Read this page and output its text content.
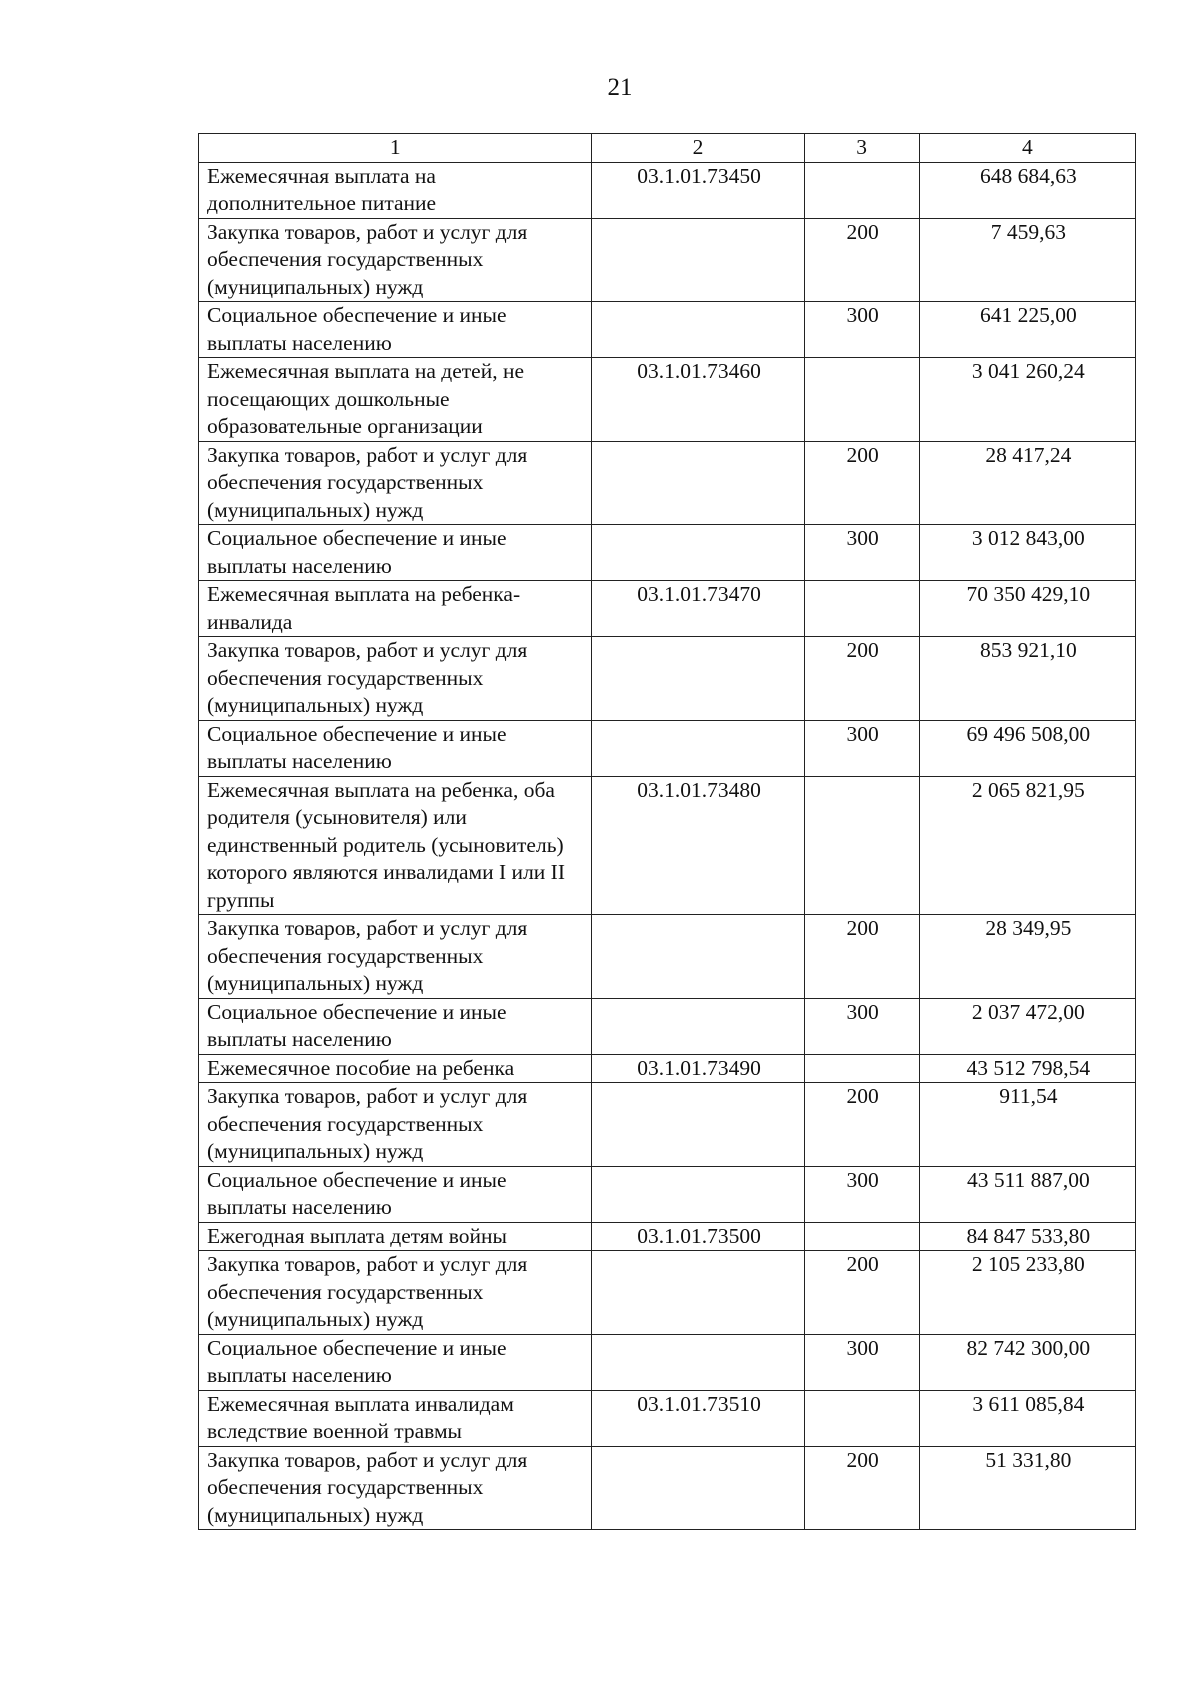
21
1	2	3	4
Ежемесячная выплата на дополнительное питание	03.1.01.73450		648 684,63
Закупка товаров, работ и услуг для обеспечения государственных (муниципальных) нужд		200	7 459,63
Социальное обеспечение и иные выплаты населению		300	641 225,00
Ежемесячная выплата на детей, не посещающих дошкольные образовательные организации	03.1.01.73460		3 041 260,24
Закупка товаров, работ и услуг для обеспечения государственных (муниципальных) нужд		200	28 417,24
Социальное обеспечение и иные выплаты населению		300	3 012 843,00
Ежемесячная выплата на ребенка-инвалида	03.1.01.73470		70 350 429,10
Закупка товаров, работ и услуг для обеспечения государственных (муниципальных) нужд		200	853 921,10
Социальное обеспечение и иные выплаты населению		300	69 496 508,00
Ежемесячная выплата на ребенка, оба родителя (усыновителя) или единственный родитель (усыновитель) которого являются инвалидами I или II группы	03.1.01.73480		2 065 821,95
Закупка товаров, работ и услуг для обеспечения государственных (муниципальных) нужд		200	28 349,95
Социальное обеспечение и иные выплаты населению		300	2 037 472,00
Ежемесячное пособие на ребенка	03.1.01.73490		43 512 798,54
Закупка товаров, работ и услуг для обеспечения государственных (муниципальных) нужд		200	911,54
Социальное обеспечение и иные выплаты населению		300	43 511 887,00
Ежегодная выплата детям войны	03.1.01.73500		84 847 533,80
Закупка товаров, работ и услуг для обеспечения государственных (муниципальных) нужд		200	2 105 233,80
Социальное обеспечение и иные выплаты населению		300	82 742 300,00
Ежемесячная выплата инвалидам вследствие военной травмы	03.1.01.73510		3 611 085,84
Закупка товаров, работ и услуг для обеспечения государственных (муниципальных) нужд		200	51 331,80
